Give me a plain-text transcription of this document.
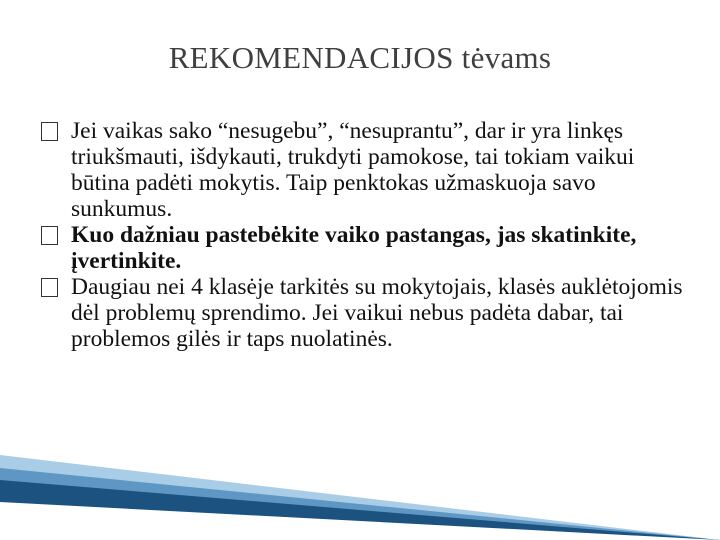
REKOMENDACIJOS tėvams
Jei vaikas sako “nesugebu”, “nesuprantu”, dar ir yra linkęs triukšmauti, išdykauti, trukdyti pamokose, tai tokiam vaikui būtina padėti mokytis. Taip penktokas užmaskuoja savo sunkumus.
Kuo dažniau pastebėkite vaiko pastangas, jas skatinkite, įvertinkite.
Daugiau nei 4 klasėje tarkitės su mokytojais, klasės auklėtojomis dėl problemų sprendimo. Jei vaikui nebus padėta dabar, tai problemos gilės ir taps nuolatinės.
